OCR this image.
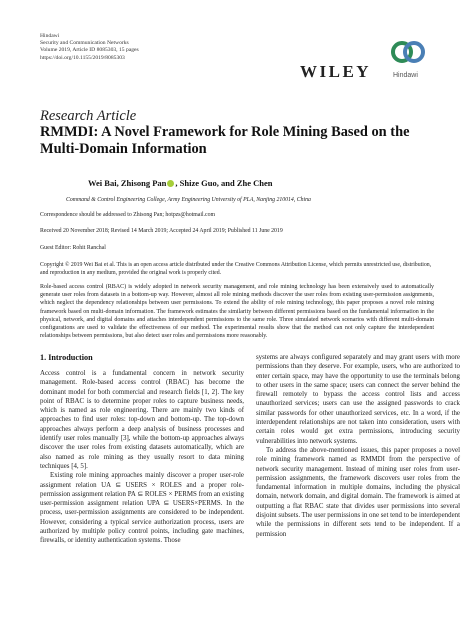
Hindawi
Security and Communication Networks
Volume 2019, Article ID 8085303, 15 pages
https://doi.org/10.1155/2019/8085303
WILEY	Hindawi
Research Article
RMMDI: A Novel Framework for Role Mining Based on the Multi-Domain Information
Wei Bai, Zhisong Pan , Shize Guo, and Zhe Chen
Command & Control Engineering College, Army Engineering University of PLA, Nanjing 210014, China
Correspondence should be addressed to Zhisong Pan; hotpzs@hotmail.com
Received 20 November 2018; Revised 14 March 2019; Accepted 24 April 2019; Published 11 June 2019
Guest Editor: Rohit Ranchal
Copyright © 2019 Wei Bai et al. This is an open access article distributed under the Creative Commons Attribution License, which permits unrestricted use, distribution, and reproduction in any medium, provided the original work is properly cited.
Role-based access control (RBAC) is widely adopted in network security management, and role mining technology has been extensively used to automatically generate user roles from datasets in a bottom-up way. However, almost all role mining methods discover the user roles from existing user-permission assignments, which neglect the dependency relationships between user permissions. To extend the ability of role mining technology, this paper proposes a novel role mining framework based on multi-domain information. The framework estimates the similarity between different permissions based on the fundamental information in the physical, network, and digital domains and attaches interdependent permissions to the same role. Three simulated network scenarios with different multi-domain configurations are used to validate the effectiveness of our method. The experimental results show that the method can not only capture the interdependent relationships between permissions, but also detect user roles and permissions more reasonably.
1. Introduction

Access control is a fundamental concern in network security management. Role-based access control (RBAC) has become the dominant model for both commercial and research fields [1, 2]. The key point of RBAC is to determine proper roles to capture business needs, which is named as role engineering. There are mainly two kinds of approaches to find user roles: top-down and bottom-up. The top-down approaches always perform a deep analysis of business processes and identify user roles manually [3], while the bottom-up approaches always discover the user roles from existing datasets automatically, which are also named as role mining as they usually resort to data mining techniques [4, 5].

Existing role mining approaches mainly discover a proper user-role assignment relation UA ⊆ USERS × ROLES and a proper role-permission assignment relation PA ⊆ ROLES × PERMS from an existing user-permission assignment relation UPA ⊆ USERS×PERMS. In the process, user-permission assignments are considered to be independent. However, considering a typical service authorization process, users are authorized by multiple policy control points, including gate machines, firewalls, or identity authentication systems. Those

systems are always configured separately and may grant users with more permissions than they deserve. For example, users, who are authorized to enter certain space, may have the opportunity to use the terminals belong to other users in the same space; users can connect the server behind the firewall remotely to bypass the access control lists and access unauthorized services; users can use the assigned passwords to crack similar passwords for other unauthorized services, etc. In a word, if the interdependent relationships are not taken into consideration, users with certain roles would get extra permissions, introducing security vulnerabilities into network systems.

To address the above-mentioned issues, this paper proposes a novel role mining framework named as RMMDI from the perspective of network security management. Instead of mining user roles from user-permission assignments, the framework discovers user roles from the fundamental information in multiple domains, including the physical domain, network domain, and digital domain. The framework is aimed at outputting a flat RBAC state that divides user permissions into several disjoint subsets. The user permissions in one set tend to be interdependent while the permissions in different sets tend to be independent. If a permission
